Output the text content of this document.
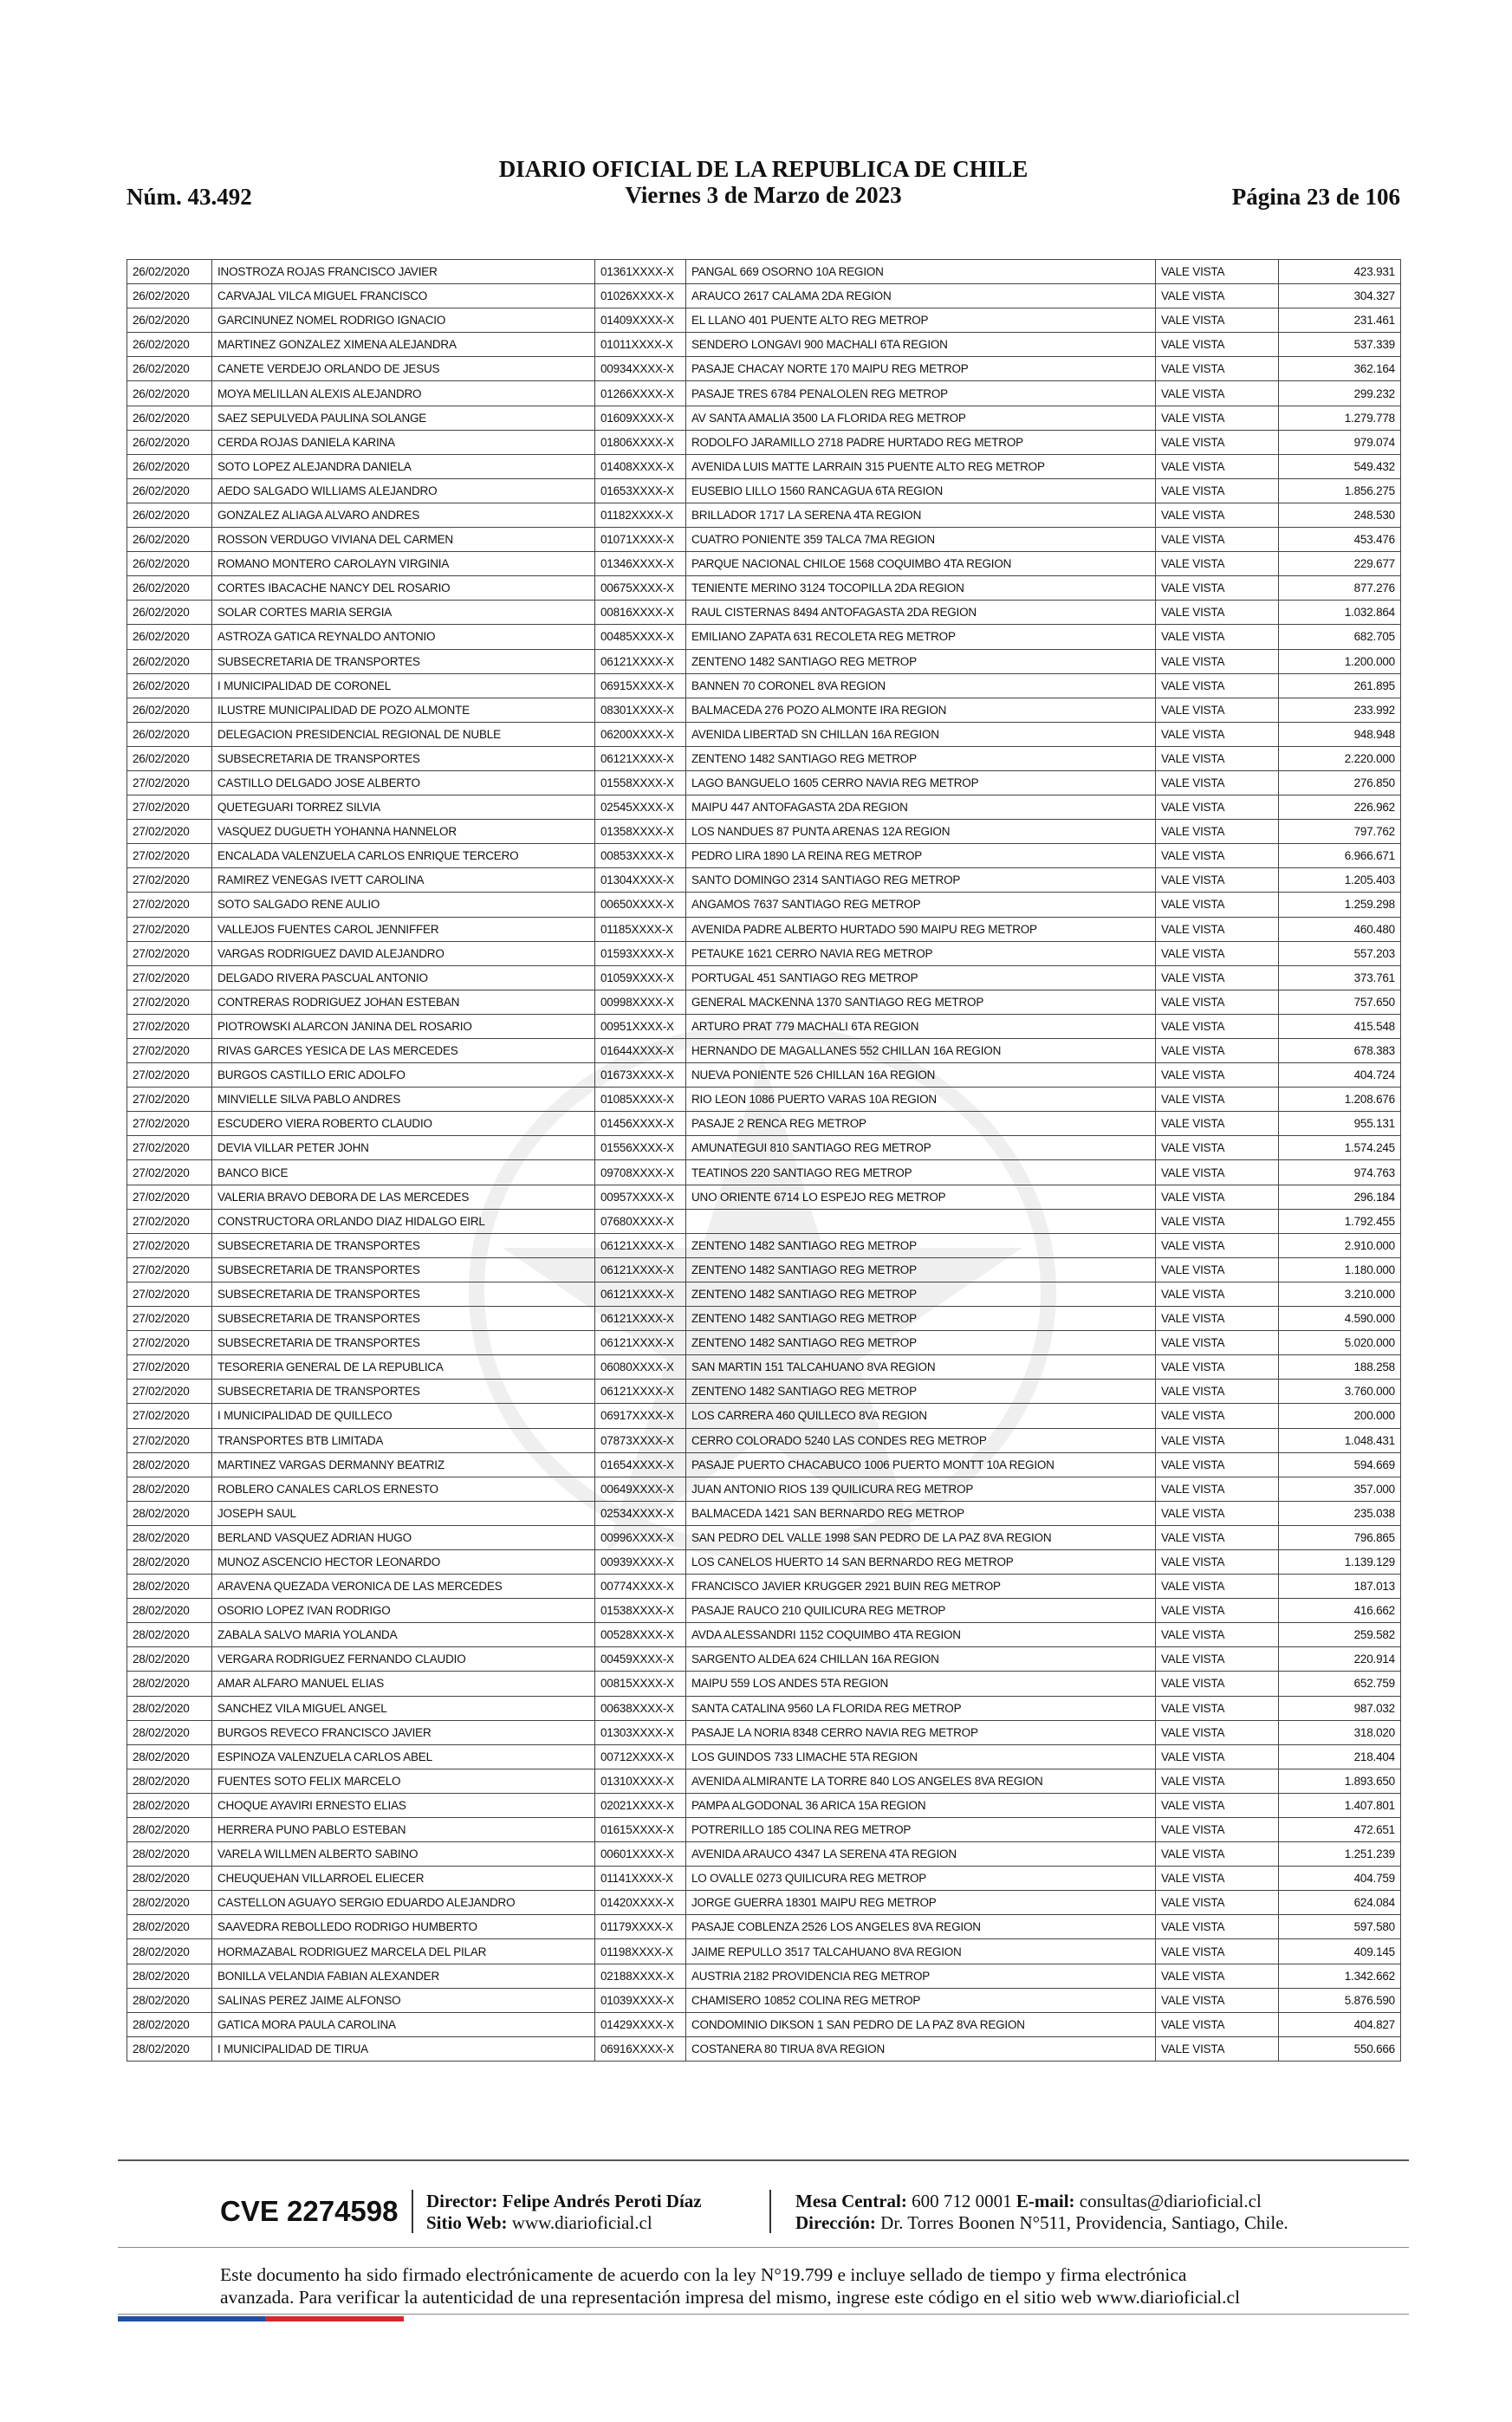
Núm. 43.492
DIARIO OFICIAL DE LA REPUBLICA DE CHILE
Viernes 3 de Marzo de 2023	Página 23 de 106
26/02/2020	INOSTROZA ROJAS FRANCISCO JAVIER	01361XXXX-X	PANGAL 669 OSORNO 10A REGION	VALE VISTA	423.931
26/02/2020	CARVAJAL VILCA MIGUEL FRANCISCO	01026XXXX-X	ARAUCO 2617 CALAMA 2DA REGION	VALE VISTA	304.327
26/02/2020	GARCINUNEZ NOMEL RODRIGO IGNACIO	01409XXXX-X	EL LLANO 401 PUENTE ALTO REG METROP	VALE VISTA	231.461
26/02/2020	MARTINEZ GONZALEZ XIMENA ALEJANDRA	01011XXXX-X	SENDERO LONGAVI 900 MACHALI 6TA REGION	VALE VISTA	537.339
26/02/2020	CANETE VERDEJO ORLANDO DE JESUS	00934XXXX-X	PASAJE CHACAY NORTE 170 MAIPU REG METROP	VALE VISTA	362.164
26/02/2020	MOYA MELILLAN ALEXIS ALEJANDRO	01266XXXX-X	PASAJE TRES 6784 PENALOLEN REG METROP	VALE VISTA	299.232
26/02/2020	SAEZ SEPULVEDA PAULINA SOLANGE	01609XXXX-X	AV SANTA AMALIA 3500 LA FLORIDA REG METROP	VALE VISTA	1.279.778
26/02/2020	CERDA ROJAS DANIELA KARINA	01806XXXX-X	RODOLFO JARAMILLO 2718 PADRE HURTADO REG METROP	VALE VISTA	979.074
26/02/2020	SOTO LOPEZ ALEJANDRA DANIELA	01408XXXX-X	AVENIDA LUIS MATTE LARRAIN 315 PUENTE ALTO REG METROP	VALE VISTA	549.432
26/02/2020	AEDO SALGADO WILLIAMS ALEJANDRO	01653XXXX-X	EUSEBIO LILLO 1560 RANCAGUA 6TA REGION	VALE VISTA	1.856.275
26/02/2020	GONZALEZ ALIAGA ALVARO ANDRES	01182XXXX-X	BRILLADOR 1717 LA SERENA 4TA REGION	VALE VISTA	248.530
26/02/2020	ROSSON VERDUGO VIVIANA DEL CARMEN	01071XXXX-X	CUATRO PONIENTE 359 TALCA 7MA REGION	VALE VISTA	453.476
26/02/2020	ROMANO MONTERO CAROLAYN VIRGINIA	01346XXXX-X	PARQUE NACIONAL CHILOE 1568 COQUIMBO 4TA REGION	VALE VISTA	229.677
26/02/2020	CORTES IBACACHE NANCY DEL ROSARIO	00675XXXX-X	TENIENTE MERINO 3124 TOCOPILLA 2DA REGION	VALE VISTA	877.276
26/02/2020	SOLAR CORTES MARIA SERGIA	00816XXXX-X	RAUL CISTERNAS 8494 ANTOFAGASTA 2DA REGION	VALE VISTA	1.032.864
26/02/2020	ASTROZA GATICA REYNALDO ANTONIO	00485XXXX-X	EMILIANO ZAPATA 631 RECOLETA REG METROP	VALE VISTA	682.705
26/02/2020	SUBSECRETARIA DE TRANSPORTES	06121XXXX-X	ZENTENO 1482 SANTIAGO REG METROP	VALE VISTA	1.200.000
26/02/2020	I MUNICIPALIDAD DE CORONEL	06915XXXX-X	BANNEN 70 CORONEL 8VA REGION	VALE VISTA	261.895
26/02/2020	ILUSTRE MUNICIPALIDAD DE POZO ALMONTE	08301XXXX-X	BALMACEDA 276 POZO ALMONTE IRA REGION	VALE VISTA	233.992
26/02/2020	DELEGACION PRESIDENCIAL REGIONAL DE NUBLE	06200XXXX-X	AVENIDA LIBERTAD SN CHILLAN 16A REGION	VALE VISTA	948.948
26/02/2020	SUBSECRETARIA DE TRANSPORTES	06121XXXX-X	ZENTENO 1482 SANTIAGO REG METROP	VALE VISTA	2.220.000
27/02/2020	CASTILLO DELGADO JOSE ALBERTO	01558XXXX-X	LAGO BANGUELO 1605 CERRO NAVIA REG METROP	VALE VISTA	276.850
27/02/2020	QUETEGUARI TORREZ SILVIA	02545XXXX-X	MAIPU 447 ANTOFAGASTA 2DA REGION	VALE VISTA	226.962
27/02/2020	VASQUEZ DUGUETH YOHANNA HANNELOR	01358XXXX-X	LOS NANDUES 87 PUNTA ARENAS 12A REGION	VALE VISTA	797.762
27/02/2020	ENCALADA VALENZUELA CARLOS ENRIQUE TERCERO	00853XXXX-X	PEDRO LIRA 1890 LA REINA REG METROP	VALE VISTA	6.966.671
27/02/2020	RAMIREZ VENEGAS IVETT CAROLINA	01304XXXX-X	SANTO DOMINGO 2314 SANTIAGO REG METROP	VALE VISTA	1.205.403
27/02/2020	SOTO SALGADO RENE AULIO	00650XXXX-X	ANGAMOS 7637 SANTIAGO REG METROP	VALE VISTA	1.259.298
27/02/2020	VALLEJOS FUENTES CAROL JENNIFFER	01185XXXX-X	AVENIDA PADRE ALBERTO HURTADO 590 MAIPU REG METROP	VALE VISTA	460.480
27/02/2020	VARGAS RODRIGUEZ DAVID ALEJANDRO	01593XXXX-X	PETAUKE 1621 CERRO NAVIA REG METROP	VALE VISTA	557.203
27/02/2020	DELGADO RIVERA PASCUAL ANTONIO	01059XXXX-X	PORTUGAL 451 SANTIAGO REG METROP	VALE VISTA	373.761
27/02/2020	CONTRERAS RODRIGUEZ JOHAN ESTEBAN	00998XXXX-X	GENERAL MACKENNA 1370 SANTIAGO REG METROP	VALE VISTA	757.650
27/02/2020	PIOTROWSKI ALARCON JANINA DEL ROSARIO	00951XXXX-X	ARTURO PRAT 779 MACHALI 6TA REGION	VALE VISTA	415.548
27/02/2020	RIVAS GARCES YESICA DE LAS MERCEDES	01644XXXX-X	HERNANDO DE MAGALLANES 552 CHILLAN 16A REGION	VALE VISTA	678.383
27/02/2020	BURGOS CASTILLO ERIC ADOLFO	01673XXXX-X	NUEVA PONIENTE 526 CHILLAN 16A REGION	VALE VISTA	404.724
27/02/2020	MINVIELLE SILVA PABLO ANDRES	01085XXXX-X	RIO LEON 1086 PUERTO VARAS 10A REGION	VALE VISTA	1.208.676
27/02/2020	ESCUDERO VIERA ROBERTO CLAUDIO	01456XXXX-X	PASAJE 2 RENCA REG METROP	VALE VISTA	955.131
27/02/2020	DEVIA VILLAR PETER JOHN	01556XXXX-X	AMUNATEGUI 810 SANTIAGO REG METROP	VALE VISTA	1.574.245
27/02/2020	BANCO BICE	09708XXXX-X	TEATINOS 220 SANTIAGO REG METROP	VALE VISTA	974.763
27/02/2020	VALERIA BRAVO DEBORA DE LAS MERCEDES	00957XXXX-X	UNO ORIENTE 6714 LO ESPEJO REG METROP	VALE VISTA	296.184
27/02/2020	CONSTRUCTORA ORLANDO DIAZ HIDALGO EIRL	07680XXXX-X		VALE VISTA	1.792.455
27/02/2020	SUBSECRETARIA DE TRANSPORTES	06121XXXX-X	ZENTENO 1482 SANTIAGO REG METROP	VALE VISTA	2.910.000
27/02/2020	SUBSECRETARIA DE TRANSPORTES	06121XXXX-X	ZENTENO 1482 SANTIAGO REG METROP	VALE VISTA	1.180.000
27/02/2020	SUBSECRETARIA DE TRANSPORTES	06121XXXX-X	ZENTENO 1482 SANTIAGO REG METROP	VALE VISTA	3.210.000
27/02/2020	SUBSECRETARIA DE TRANSPORTES	06121XXXX-X	ZENTENO 1482 SANTIAGO REG METROP	VALE VISTA	4.590.000
27/02/2020	SUBSECRETARIA DE TRANSPORTES	06121XXXX-X	ZENTENO 1482 SANTIAGO REG METROP	VALE VISTA	5.020.000
27/02/2020	TESORERIA GENERAL DE LA REPUBLICA	06080XXXX-X	SAN MARTIN 151 TALCAHUANO 8VA REGION	VALE VISTA	188.258
27/02/2020	SUBSECRETARIA DE TRANSPORTES	06121XXXX-X	ZENTENO 1482 SANTIAGO REG METROP	VALE VISTA	3.760.000
27/02/2020	I MUNICIPALIDAD DE QUILLECO	06917XXXX-X	LOS CARRERA 460 QUILLECO 8VA REGION	VALE VISTA	200.000
27/02/2020	TRANSPORTES BTB LIMITADA	07873XXXX-X	CERRO COLORADO 5240 LAS CONDES REG METROP	VALE VISTA	1.048.431
28/02/2020	MARTINEZ VARGAS DERMANNY BEATRIZ	01654XXXX-X	PASAJE PUERTO CHACABUCO 1006 PUERTO MONTT 10A REGION	VALE VISTA	594.669
28/02/2020	ROBLERO CANALES CARLOS ERNESTO	00649XXXX-X	JUAN ANTONIO RIOS 139 QUILICURA REG METROP	VALE VISTA	357.000
28/02/2020	JOSEPH SAUL	02534XXXX-X	BALMACEDA 1421 SAN BERNARDO REG METROP	VALE VISTA	235.038
28/02/2020	BERLAND VASQUEZ ADRIAN HUGO	00996XXXX-X	SAN PEDRO DEL VALLE 1998 SAN PEDRO DE LA PAZ 8VA REGION	VALE VISTA	796.865
28/02/2020	MUNOZ ASCENCIO HECTOR LEONARDO	00939XXXX-X	LOS CANELOS HUERTO 14 SAN BERNARDO REG METROP	VALE VISTA	1.139.129
28/02/2020	ARAVENA QUEZADA VERONICA DE LAS MERCEDES	00774XXXX-X	FRANCISCO JAVIER KRUGGER 2921 BUIN REG METROP	VALE VISTA	187.013
28/02/2020	OSORIO LOPEZ IVAN RODRIGO	01538XXXX-X	PASAJE RAUCO 210 QUILICURA REG METROP	VALE VISTA	416.662
28/02/2020	ZABALA SALVO MARIA YOLANDA	00528XXXX-X	AVDA ALESSANDRI 1152 COQUIMBO 4TA REGION	VALE VISTA	259.582
28/02/2020	VERGARA RODRIGUEZ FERNANDO CLAUDIO	00459XXXX-X	SARGENTO ALDEA 624 CHILLAN 16A REGION	VALE VISTA	220.914
28/02/2020	AMAR ALFARO MANUEL ELIAS	00815XXXX-X	MAIPU 559 LOS ANDES 5TA REGION	VALE VISTA	652.759
28/02/2020	SANCHEZ VILA MIGUEL ANGEL	00638XXXX-X	SANTA CATALINA 9560 LA FLORIDA REG METROP	VALE VISTA	987.032
28/02/2020	BURGOS REVECO FRANCISCO JAVIER	01303XXXX-X	PASAJE LA NORIA 8348 CERRO NAVIA REG METROP	VALE VISTA	318.020
28/02/2020	ESPINOZA VALENZUELA CARLOS ABEL	00712XXXX-X	LOS GUINDOS 733 LIMACHE 5TA REGION	VALE VISTA	218.404
28/02/2020	FUENTES SOTO FELIX MARCELO	01310XXXX-X	AVENIDA ALMIRANTE LA TORRE 840 LOS ANGELES 8VA REGION	VALE VISTA	1.893.650
28/02/2020	CHOQUE AYAVIRI ERNESTO ELIAS	02021XXXX-X	PAMPA ALGODONAL 36 ARICA 15A REGION	VALE VISTA	1.407.801
28/02/2020	HERRERA PUNO PABLO ESTEBAN	01615XXXX-X	POTRERILLO 185 COLINA REG METROP	VALE VISTA	472.651
28/02/2020	VARELA WILLMEN ALBERTO SABINO	00601XXXX-X	AVENIDA ARAUCO 4347 LA SERENA 4TA REGION	VALE VISTA	1.251.239
28/02/2020	CHEUQUEHAN VILLARROEL ELIECER	01141XXXX-X	LO OVALLE 0273 QUILICURA REG METROP	VALE VISTA	404.759
28/02/2020	CASTELLON AGUAYO SERGIO EDUARDO ALEJANDRO	01420XXXX-X	JORGE GUERRA 18301 MAIPU REG METROP	VALE VISTA	624.084
28/02/2020	SAAVEDRA REBOLLEDO RODRIGO HUMBERTO	01179XXXX-X	PASAJE COBLENZA 2526 LOS ANGELES 8VA REGION	VALE VISTA	597.580
28/02/2020	HORMAZABAL RODRIGUEZ MARCELA DEL PILAR	01198XXXX-X	JAIME REPULLO 3517 TALCAHUANO 8VA REGION	VALE VISTA	409.145
28/02/2020	BONILLA VELANDIA FABIAN ALEXANDER	02188XXXX-X	AUSTRIA 2182 PROVIDENCIA REG METROP	VALE VISTA	1.342.662
28/02/2020	SALINAS PEREZ JAIME ALFONSO	01039XXXX-X	CHAMISERO 10852 COLINA REG METROP	VALE VISTA	5.876.590
28/02/2020	GATICA MORA PAULA CAROLINA	01429XXXX-X	CONDOMINIO DIKSON 1 SAN PEDRO DE LA PAZ 8VA REGION	VALE VISTA	404.827
28/02/2020	I MUNICIPALIDAD DE TIRUA	06916XXXX-X	COSTANERA 80 TIRUA 8VA REGION	VALE VISTA	550.666
CVE 2274598 Director: Felipe Andrés Peroti Díaz
Sitio Web: www.diarioficial.cl
Mesa Central: 600 712 0001 E-mail: consultas@diarioficial.cl
Dirección: Dr. Torres Boonen N°511, Providencia, Santiago, Chile.
Este documento ha sido firmado electrónicamente de acuerdo con la ley N°19.799 e incluye sellado de tiempo y firma electrónica
avanzada. Para verificar la autenticidad de una representación impresa del mismo, ingrese este código en el sitio web www.diarioficial.cl
